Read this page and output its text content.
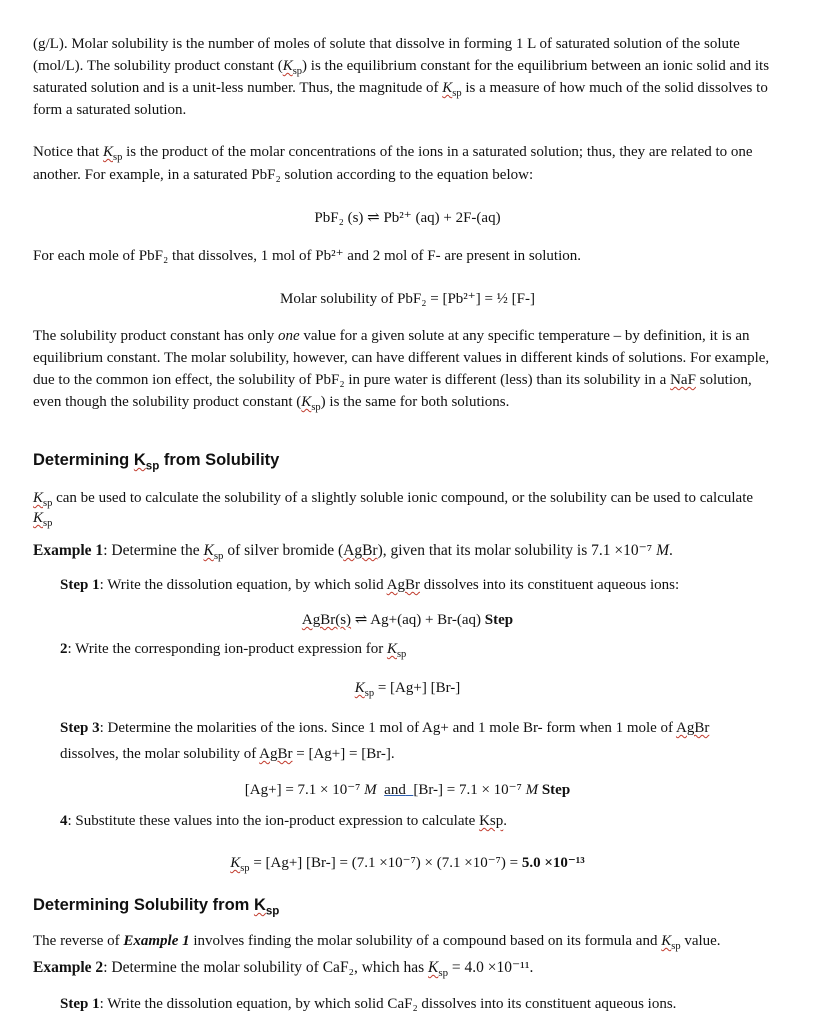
(g/L). Molar solubility is the number of moles of solute that dissolve in forming 1 L of saturated solution of the solute

(mol/L). The solubility product constant $(K_{sp})$ is the equilibrium constant for the equilibrium between an ionic solid and its

saturated solution and is a unit-less number. Thus, the magnitude of $K_{sp}$ is a measure of how much of the solid dissolves to

form a saturated solution.

Notice that $K_{sp}$ is the product of the molar concentrations of the ions in a saturated solution; thus, they are related to one

another. For example, in a saturated PbF₂ solution according to the equation below:

PbF₂ (s) ⇌ Pb²⁺ (aq) + 2F-(aq)

For each mole of PbF₂ that dissolves, 1 mol of Pb²⁺ and 2 mol of F- are present in solution.

Molar solubility of PbF₂ = [Pb²⁺] = ½ [F-]

The solubility product constant has only one value for a given solute at any specific temperature – by definition, it is an

equilibrium constant. The molar solubility, however, can have different values in different kinds of solutions. For example,

due to the common ion effect, the solubility of PbF₂ in pure water is different (less) than its solubility in a NaF solution,

even though the solubility product constant $(K_{sp})$ is the same for both solutions.

Determining $K_{sp}$ from Solubility

$K_{sp}$ can be used to calculate the solubility of a slightly soluble ionic compound, or the solubility can be used to calculate

$K_{sp}$

Example 1: Determine the $K_{sp}$ of silver bromide (AgBr), given that its molar solubility is 7.1 ×10⁻⁷ M.

Step 1: Write the dissolution equation, by which solid AgBr dissolves into its constituent aqueous ions:

AgBr(s) ⇌ Ag+(aq) + Br-(aq) Step

2: Write the corresponding ion-product expression for $K_{sp}$

$K_{sp} = [Ag+]$ [Br-]

Step 3: Determine the molarities of the ions. Since 1 mol of Ag+ and 1 mole Br- form when 1 mole of AgBr

dissolves, the molar solubility of AgBr = [Ag+] = [Br-].

[Ag+] = 7.1 × 10⁻⁷ M and [Br-] = 7.1 × 10⁻⁷ M Step

4: Substitute these values into the ion-product expression to calculate Ksp.

$K_{sp} = [Ag+] [Br-] = (7.1 \times 10^{-7}) \times (7.1 \times 10^{-7}) = 5.0 \times 10^{-13}$

Determining Solubility from $K_{sp}$

The reverse of Example 1 involves finding the molar solubility of a compound based on its formula and $K_{sp}$ value.

Example 2: Determine the molar solubility of CaF₂, which has $K_{sp} = 4.0 \times 10^{-11}$.

Step 1: Write the dissolution equation, by which solid CaF₂ dissolves into its constituent aqueous ions.
